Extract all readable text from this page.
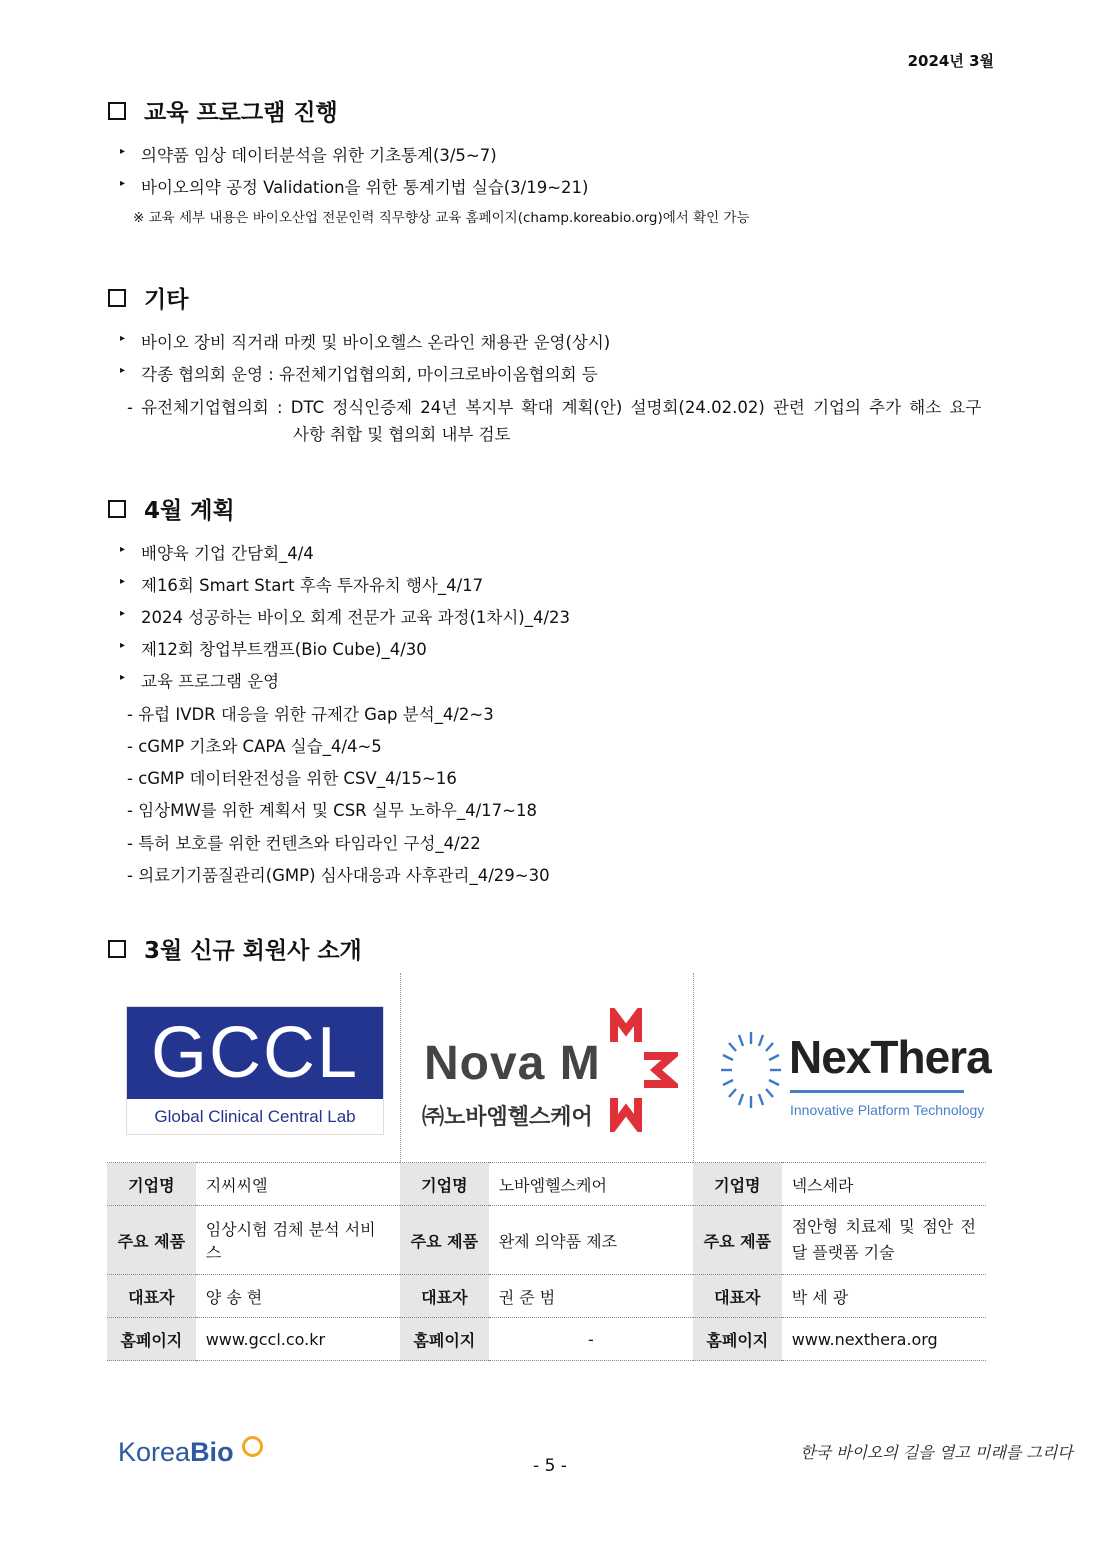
2024년 3월
교육 프로그램 진행
▸ 의약품 임상 데이터분석을 위한 기초통계(3/5~7)
▸ 바이오의약 공정 Validation을 위한 통계기법 실습(3/19~21)
※ 교육 세부 내용은 바이오산업 전문인력 직무향상 교육 홈페이지(champ.koreabio.org)에서 확인 가능
기타
▸ 바이오 장비 직거래 마켓 및 바이오헬스 온라인 채용관 운영(상시)
▸ 각종 협의회 운영 : 유전체기업협의회, 마이크로바이옴협의회 등
- 유전체기업협의회 : DTC 정식인증제 24년 복지부 확대 계획(안) 설명회(24.02.02) 관련 기업의 추가 해소 요구
사항 취합 및 협의회 내부 검토
4월 계획
▸ 배양육 기업 간담회_4/4
▸ 제16회 Smart Start 후속 투자유치 행사_4/17
▸ 2024 성공하는 바이오 회계 전문가 교육 과정(1차시)_4/23
▸ 제12회 창업부트캠프(Bio Cube)_4/30
▸ 교육 프로그램 운영
- 유럽 IVDR 대응을 위한 규제간 Gap 분석_4/2~3
- cGMP 기초와 CAPA 실습_4/4~5
- cGMP 데이터완전성을 위한 CSV_4/15~16
- 임상MW를 위한 계획서 및 CSR 실무 노하우_4/17~18
- 특허 보호를 위한 컨텐츠와 타임라인 구성_4/22
- 의료기기품질관리(GMP) 심사대응과 사후관리_4/29~30
3월 신규 회원사 소개
GCCL
Global Clinical Central Lab
Nova M
㈜노바엠헬스케어
NexThera
Innovative Platform Technology
기업명	지씨씨엘	기업명	노바엠헬스케어	기업명	넥스세라
주요 제품	임상시험 검체 분석 서비스	주요 제품	완제 의약품 제조	주요 제품	점안형 치료제 및 점안 전달 플랫폼 기술
대표자	양 송 현	대표자	권 준 범	대표자	박 세 광
홈페이지	www.gccl.co.kr	홈페이지	-	홈페이지	www.nexthera.org
KoreaBio	- 5 -
한국 바이오의 길을 열고 미래를 그리다
